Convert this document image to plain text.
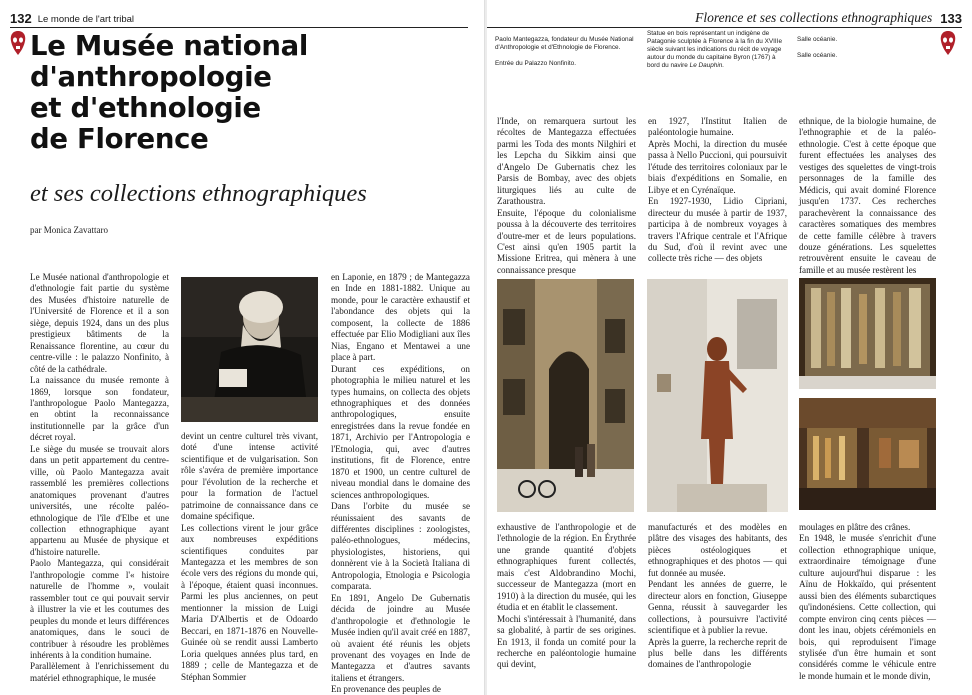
132 Le monde de l'art tribal
Le Musée national
d'anthropologie
et d'ethnologie
de Florence
et ses collections ethnographiques
par Monica Zavattaro

Le Musée national d'anthropologie et d'ethnologie fait partie du système des Musées d'histoire naturelle de l'Université de Florence et il a son siège, depuis 1924, dans un des plus prestigieux bâtiments de la Renaissance florentine, au cœur du centre-ville : le palazzo Nonfinito, à côté de la cathédrale.

La naissance du musée remonte à 1869, lorsque son fondateur, l'anthropologue Paolo Mantegazza, en obtint la reconnaissance institutionnelle par la grâce d'un décret royal.

Le siège du musée se trouvait alors dans un petit appartement du centre-ville, où Paolo Mantegazza avait rassemblé les premières collections anatomiques provenant d'autres universités, une récolte paléo-ethnologique de l'île d'Elbe et une collection ethnographique ayant appartenu au Musée de physique et d'histoire naturelle.

Paolo Mantegazza, qui considérait l'anthropologie comme l'« histoire naturelle de l'homme », voulait rassembler tout ce qui pouvait servir à illustrer la vie et les coutumes des peuples du monde et leurs différences anatomiques, dans le souci de contribuer à résoudre les problèmes inhérents à la condition humaine.

Parallèlement à l'enrichissement du matériel ethnographique, le musée

devint un centre culturel très vivant, doté d'une intense activité scientifique et de vulgarisation. Son rôle s'avéra de première importance pour l'évolution de la recherche et pour la formation de l'actuel patrimoine de connaissance dans ce domaine spécifique.

Les collections virent le jour grâce aux nombreuses expéditions scientifiques conduites par Mantegazza et les membres de son école vers des régions du monde qui, à l'époque, étaient quasi inconnues. Parmi les plus anciennes, on peut mentionner la mission de Luigi Maria D'Albertis et de Odoardo Beccari, en 1871-1876 en Nouvelle-Guinée où se rendit aussi Lamberto Loria quelques années plus tard, en 1889 ; celle de Mantegazza et de Stéphan Sommier

en Laponie, en 1879 ; de Mantegazza en Inde en 1881-1882. Unique au monde, pour le caractère exhaustif et l'abondance des objets qui la composent, la collecte de 1886 effectuée par Elio Modigliani aux îles Nias, Engano et Mentawei a une place à part.

Durant ces expéditions, on photographia le milieu naturel et les types humains, on collecta des objets ethnographiques et des données anthropologiques, ensuite enregistrées dans la revue fondée en 1871, Archivio per l'Antropologia e l'Etnologia, qui, avec d'autres institutions, fit de Florence, entre 1870 et 1900, un centre culturel de niveau mondial dans le domaine des sciences anthropologiques.

Dans l'orbite du musée se réunissaient des savants de différentes disciplines : zoologistes, paléo-ethnologues, médecins, physiologistes, historiens, qui donnèrent vie à la Società Italiana di Antropologia, Etnologia e Psicologia comparata.

En 1891, Angelo De Gubernatis décida de joindre au Musée d'anthropologie et d'ethnologie le Musée indien qu'il avait créé en 1887, où avaient été réunis les objets provenant des voyages en Inde de Mantegazza et d'autres savants italiens et étrangers.

En provenance des peuples de

Florence et ses collections ethnographiques 133
Paolo Mantegazza, fondateur du Musée National d'Anthropologie et d'Ethnologie de Florence.
Entrée du Palazzo Nonfinito.
Statue en bois représentant un indigène de Patagonie sculptée à Florence à la fin du XVIIIe siècle suivant les indications du récit de voyage autour du monde du capitaine Byron (1767) à bord du navire Le Dauphin.
Salle océanie.
Salle océanie.

l'Inde, on remarquera surtout les récoltes de Mantegazza effectuées parmi les Toda des monts Nilghiri et les Lepcha du Sikkim ainsi que d'Angelo De Gubernatis chez les Parsis de Bombay, avec des objets liturgiques liés au culte de Zarathoustra.

Ensuite, l'époque du colonialisme poussa à la découverte des territoires d'outre-mer et de leurs populations. C'est ainsi qu'en 1905 partit la Missione Eritrea, qui mènera à une connaissance presque

en 1927, l'Institut Italien de paléontologie humaine.

Après Mochi, la direction du musée passa à Nello Puccioni, qui poursuivit l'étude des territoires coloniaux par le biais d'expéditions en Somalie, en Libye et en Cyrénaïque.

En 1927-1930, Lidio Cipriani, directeur du musée à partir de 1937, participa à de nombreux voyages à travers l'Afrique centrale et l'Afrique du Sud, d'où il revint avec une collecte très riche — des objets

ethnique, de la biologie humaine, de l'ethnographie et de la paléo-ethnologie. C'est à cette époque que furent effectuées les analyses des vestiges des squelettes de vingt-trois personnages de la famille des Médicis, qui avait dominé Florence jusqu'en 1737. Ces recherches parachevèrent la connaissance des caractères somatiques des membres de cette famille célèbre à travers douze générations. Les squelettes retrouvèrent ensuite le caveau de famille et au musée restèrent les

exhaustive de l'anthropologie et de l'ethnologie de la région. En Érythrée une grande quantité d'objets ethnographiques furent collectés, mais c'est Aldobrandino Mochi, successeur de Mantegazza (mort en 1910) à la direction du musée, qui les étudia et en établit le classement.

Mochi s'intéressait à l'humanité, dans sa globalité, à partir de ses origines. En 1913, il fonda un comité pour la recherche en paléontologie humaine qui devint,

manufacturés et des modèles en plâtre des visages des habitants, des pièces ostéologiques et ethnographiques et des photos — qui fut donnée au musée.

Pendant les années de guerre, le directeur alors en fonction, Giuseppe Genna, réussit à sauvegarder les collections, à poursuivre l'activité scientifique et à publier la revue.

Après la guerre, la recherche reprit de plus belle dans les différents domaines de l'anthropologie

moulages en plâtre des crânes.

En 1948, le musée s'enrichit d'une collection ethnographique unique, extraordinaire témoignage d'une culture aujourd'hui disparue : les Aïnu de Hokkaïdo, qui présentent aussi bien des éléments subarctiques qu'indonésiens. Cette collection, qui compte environ cinq cents pièces — dont les inau, objets cérémoniels en bois, qui reproduisent l'image stylisée d'un être humain et sont considérés comme le véhicule entre le monde humain et le monde divin,
